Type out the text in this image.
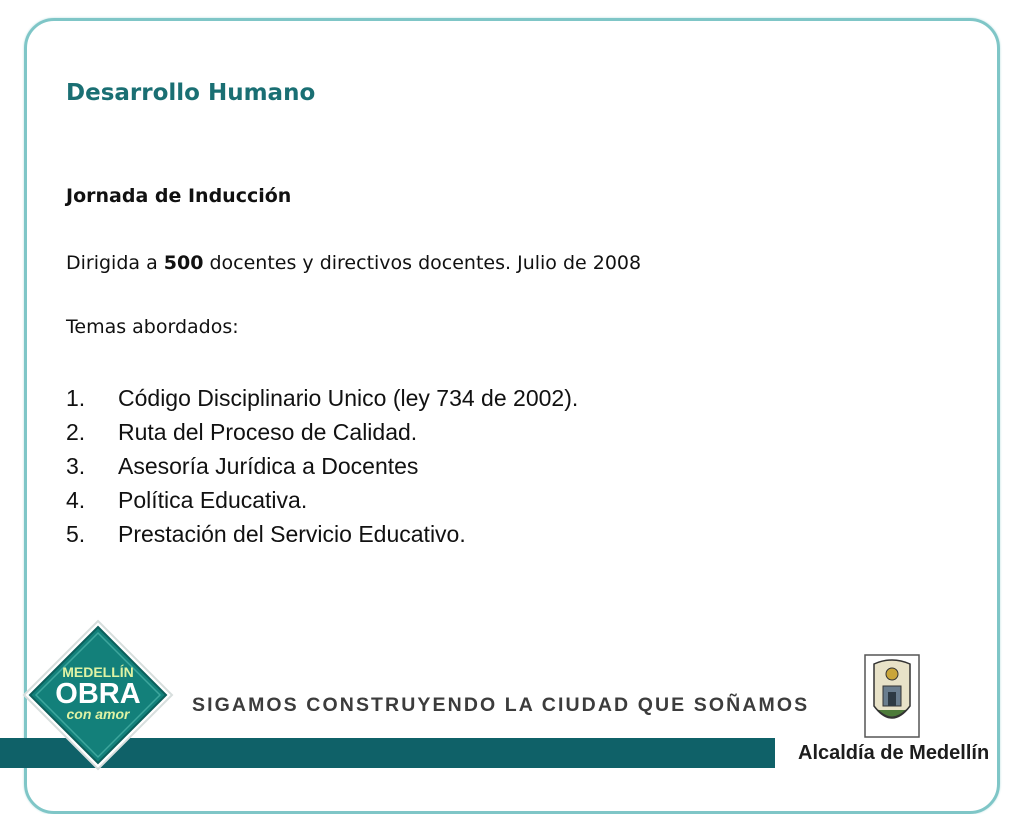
Desarrollo Humano
Jornada de Inducción
Dirigida a 500 docentes y directivos docentes. Julio de 2008
Temas abordados:
1. Código Disciplinario Unico (ley 734 de 2002).
2. Ruta del Proceso de Calidad.
3. Asesoría Jurídica a Docentes
4. Política Educativa.
5. Prestación del Servicio Educativo.
MEDELLÍN
OBRA
con amor	SIGAMOS CONSTRUYENDO LA CIUDAD QUE SOÑAMOS
Alcaldía de Medellín
